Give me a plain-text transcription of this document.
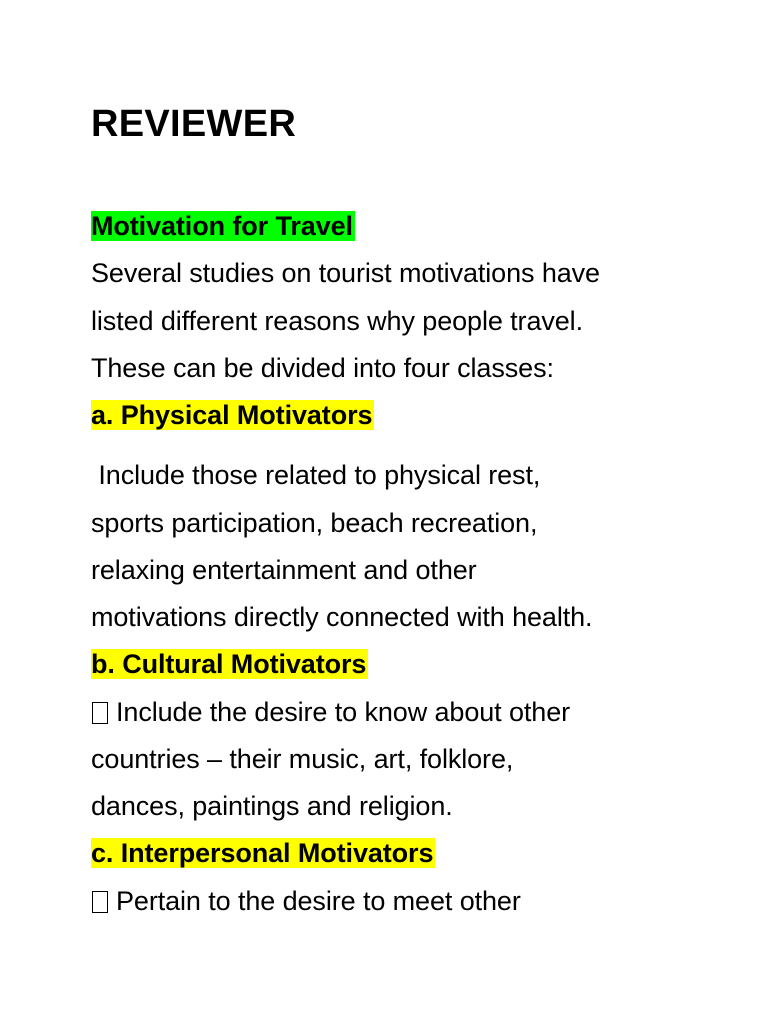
REVIEWER
Motivation for Travel
Several studies on tourist motivations have
listed different reasons why people travel.
These can be divided into four classes:
a. Physical Motivators
Include those related to physical rest,
sports participation, beach recreation,
relaxing entertainment and other
motivations directly connected with health.
b. Cultural Motivators
Include the desire to know about other
countries – their music, art, folklore,
dances, paintings and religion.
c. Interpersonal Motivators
Pertain to the desire to meet other
